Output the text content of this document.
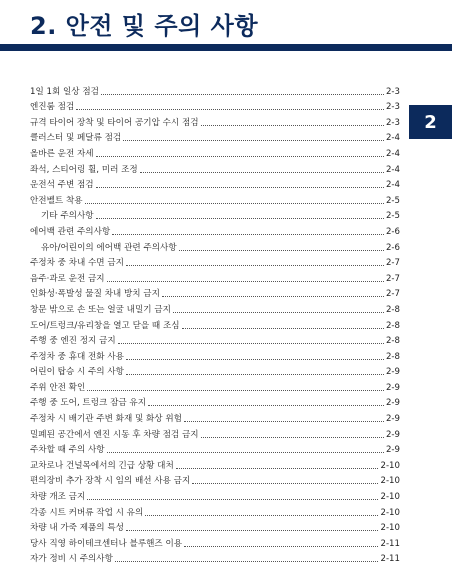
2. 안전 및 주의 사항
2
1일 1회 일상 점검	2-3
엔진룸 점검	2-3
규격 타이어 장착 및 타이어 공기압 수시 점검	2-3
클러스터 및 페달류 점검	2-4
올바른 운전 자세	2-4
좌석, 스티어링 휠, 미러 조정	2-4
운전석 주변 점검	2-4
안전벨트 착용	2-5
기타 주의사항	2-5
에어백 관련 주의사항	2-6
유아/어린이의 에어백 관련 주의사항	2-6
주정차 중 차내 수면 금지	2-7
음주·과로 운전 금지	2-7
인화성·폭발성 물질 차내 방치 금지	2-7
창문 밖으로 손 또는 얼굴 내밀기 금지	2-8
도어/트렁크/유리창을 열고 닫을 때 조심	2-8
주행 중 엔진 정지 금지	2-8
주정차 중 휴대 전화 사용	2-8
어린이 탑승 시 주의 사항	2-9
주위 안전 확인	2-9
주행 중 도어, 트렁크 잠금 유지	2-9
주정차 시 배기관 주변 화재 및 화상 위험	2-9
밀폐된 공간에서 엔진 시동 후 차량 점검 금지	2-9
주차할 때 주의 사항	2-9
교차로나 건널목에서의 긴급 상황 대처	2-10
편의장비 추가 장착 시 임의 배선 사용 금지	2-10
차량 개조 금지	2-10
각종 시트 커버류 작업 시 유의	2-10
차량 내 가죽 제품의 특성	2-10
당사 직영 하이테크센터나 블루핸즈 이용	2-11
자가 정비 시 주의사항	2-11
